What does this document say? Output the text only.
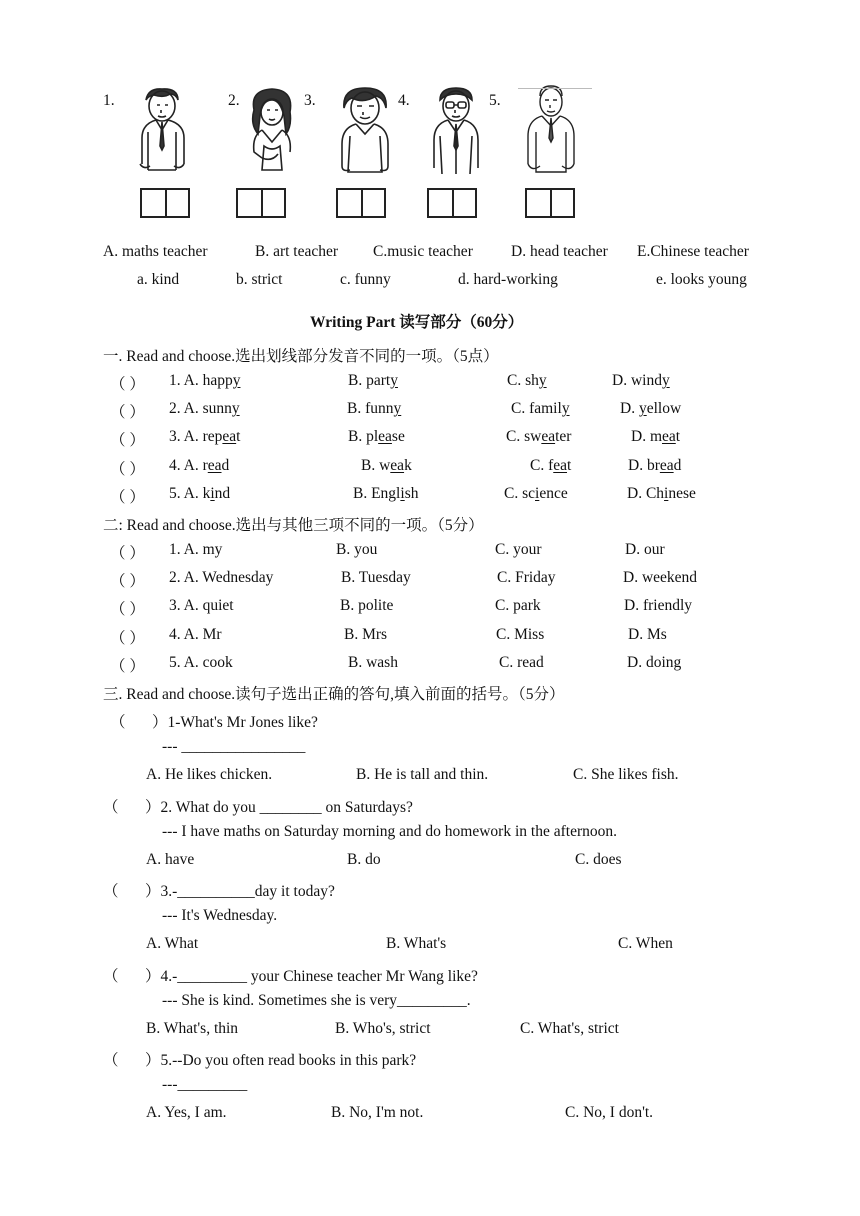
1.	2.	3.	4.	5.
A. maths teacher	B. art teacher C.music teacher D. head teacher E.Chinese teacher
a. kind	b. strict	c. funny	d. hard-working	e. looks young
Writing Part 读写部分（60分）
一. Read and choose.选出划线部分发音不同的一项。（5点）
（ ） 1. A. happy	B. party	C. shy	D. windy
（ ） 2. A. sunny	B. funny	C. family	D. yellow
（ ） 3. A. repeat	B. please	C. sweater	D. meat
（ ） 4. A. read	B. weak	C. feat	D. bread
（ ） 5. A. kind	B. English	C. science	D. Chinese
二: Read and choose.选出与其他三项不同的一项。（5分）
（ ） 1. A. my	B. you	C. your	D. our
（ ） 2. A. Wednesday	B. Tuesday	C. Friday	D. weekend
（ ） 3. A. quiet	B. polite	C. park	D. friendly
（ ） 4. A. Mr	B. Mrs	C. Miss	D. Ms
（ ） 5. A. cook	B. wash	C. read	D. doing
三. Read and choose.读句子选出正确的答句,填入前面的括号。（5分）
（ ）1-What's Mr Jones like?
--- ________________
A. He likes chicken.	B. He is tall and thin.	C. She likes fish.
（ ）2. What do you ________ on Saturdays?
--- I have maths on Saturday morning and do homework in the afternoon.
A. have	B. do	C. does
（ ）3.-__________day it today?
--- It's Wednesday.
A. What	B. What's	C. When
（ ）4.-_________ your Chinese teacher Mr Wang like?
--- She is kind. Sometimes she is very_________.
B. What's, thin	B. Who's, strict	C. What's, strict
（ ）5.--Do you often read books in this park?
---_________
A. Yes, I am.	B. No, I'm not.	C. No, I don't.
